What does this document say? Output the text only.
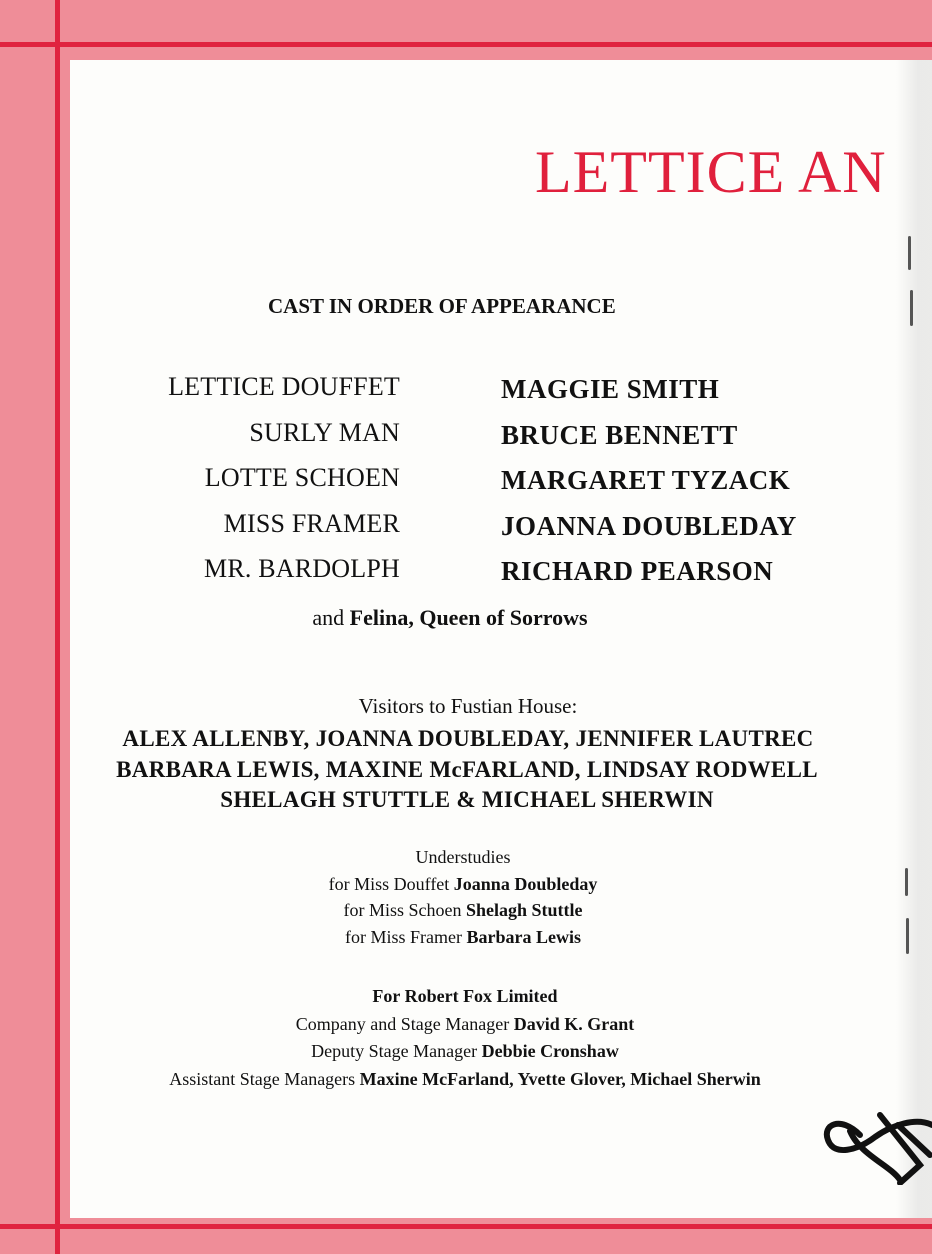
LETTICE AN
CAST IN ORDER OF APPEARANCE
LETTICE DOUFFET	MAGGIE SMITH
SURLY MAN	BRUCE BENNETT
LOTTE SCHOEN	MARGARET TYZACK
MISS FRAMER	JOANNA DOUBLEDAY
MR. BARDOLPH	RICHARD PEARSON
and Felina, Queen of Sorrows
Visitors to Fustian House:
ALEX ALLENBY, JOANNA DOUBLEDAY, JENNIFER LAUTREC
BARBARA LEWIS, MAXINE McFARLAND, LINDSAY RODWELL
SHELAGH STUTTLE & MICHAEL SHERWIN
Understudies
for Miss Douffet Joanna Doubleday
for Miss Schoen Shelagh Stuttle
for Miss Framer Barbara Lewis
For Robert Fox Limited
Company and Stage Manager David K. Grant
Deputy Stage Manager Debbie Cronshaw
Assistant Stage Managers Maxine McFarland, Yvette Glover, Michael Sherwin
